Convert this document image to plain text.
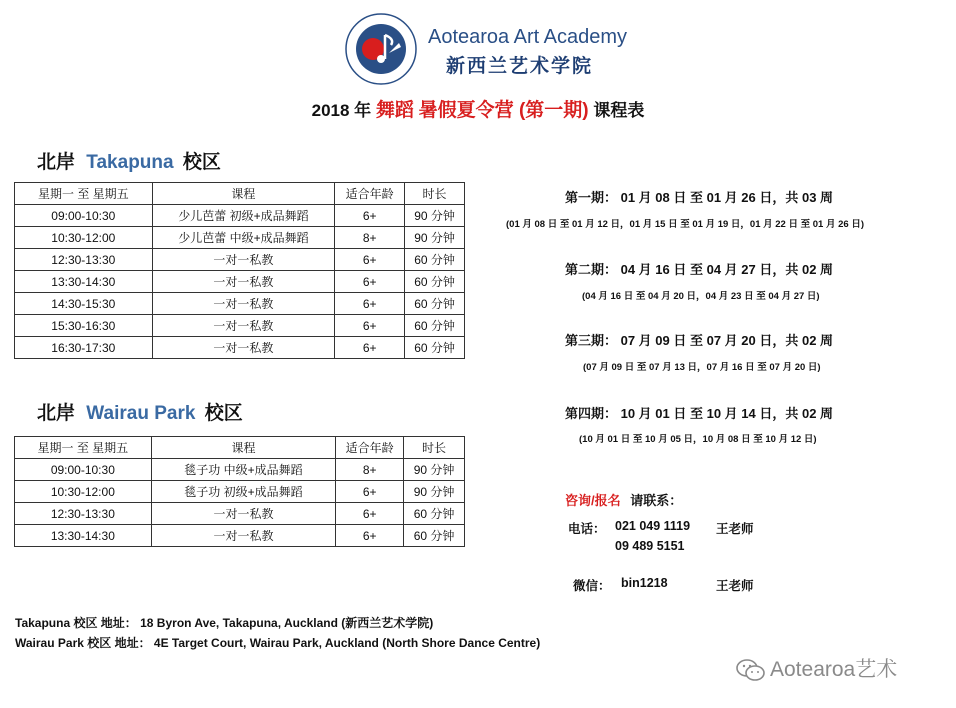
Aotearoa Art Academy
新西兰艺术学院
2018 年 舞蹈 暑假夏令营 (第一期) 课程表
北岸 Takapuna 校区
星期一 至 星期五	课程	适合年龄	时长
09:00-10:30	少儿芭蕾 初级+成品舞蹈	6+	90 分钟
10:30-12:00	少儿芭蕾 中级+成品舞蹈	8+	90 分钟
12:30-13:30	一对一私教	6+	60 分钟
13:30-14:30	一对一私教	6+	60 分钟
14:30-15:30	一对一私教	6+	60 分钟
15:30-16:30	一对一私教	6+	60 分钟
16:30-17:30	一对一私教	6+	60 分钟
北岸 Wairau Park 校区
星期一 至 星期五	课程	适合年龄	时长
09:00-10:30	毯子功 中级+成品舞蹈	8+	90 分钟
10:30-12:00	毯子功 初级+成品舞蹈	6+	90 分钟
12:30-13:30	一对一私教	6+	60 分钟
13:30-14:30	一对一私教	6+	60 分钟
第一期： 01 月 08 日 至 01 月 26 日，共 03 周
(01 月 08 日 至 01 月 12 日，01 月 15 日 至 01 月 19 日，01 月 22 日 至 01 月 26 日)
第二期： 04 月 16 日 至 04 月 27 日，共 02 周
(04 月 16 日 至 04 月 20 日，04 月 23 日 至 04 月 27 日)
第三期： 07 月 09 日 至 07 月 20 日，共 02 周
(07 月 09 日 至 07 月 13 日，07 月 16 日 至 07 月 20 日)
第四期： 10 月 01 日 至 10 月 14 日，共 02 周
(10 月 01 日 至 10 月 05 日，10 月 08 日 至 10 月 12 日)
咨询/报名 请联系：
电话： 021 049 1119 王老师
09 489 5151
微信： bin1218	王老师
Takapuna 校区 地址： 18 Byron Ave, Takapuna, Auckland (新西兰艺术学院)
Wairau Park 校区 地址： 4E Target Court, Wairau Park, Auckland (North Shore Dance Centre)
Aotearoa艺术
